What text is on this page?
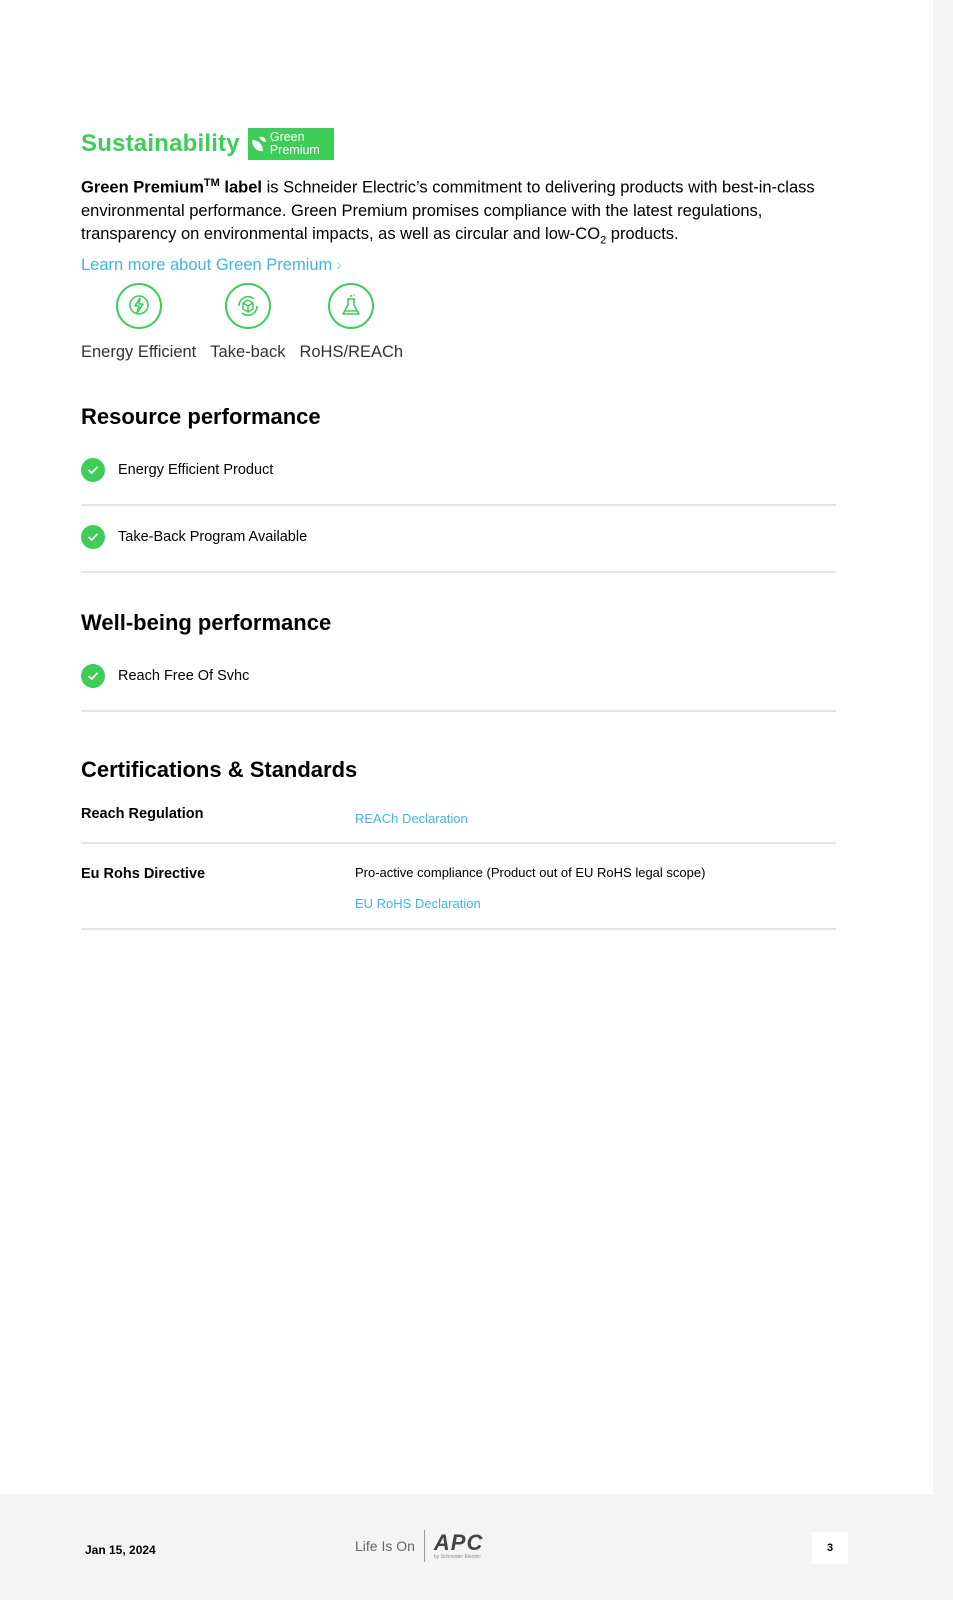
Sustainability Green
Premium
Green Premium™ label is Schneider Electric’s commitment to delivering products with best-in-class environmental performance. Green Premium promises compliance with the latest regulations, transparency on environmental impacts, as well as circular and low-$CO_2$ products.
Learn more about Green Premium ›
Energy Efficient Take-back RoHS/REACh
Resource performance
Energy Efficient Product
Take-Back Program Available
Well-being performance
Reach Free Of Svhc
Certifications & Standards
Reach Regulation	REACh Declaration
Eu Rohs Directive	Pro-active compliance (Product out of EU RoHS legal scope)
EU RoHS Declaration
Jan 15, 2024	Life Is On APC
by Schneider Electric
3
